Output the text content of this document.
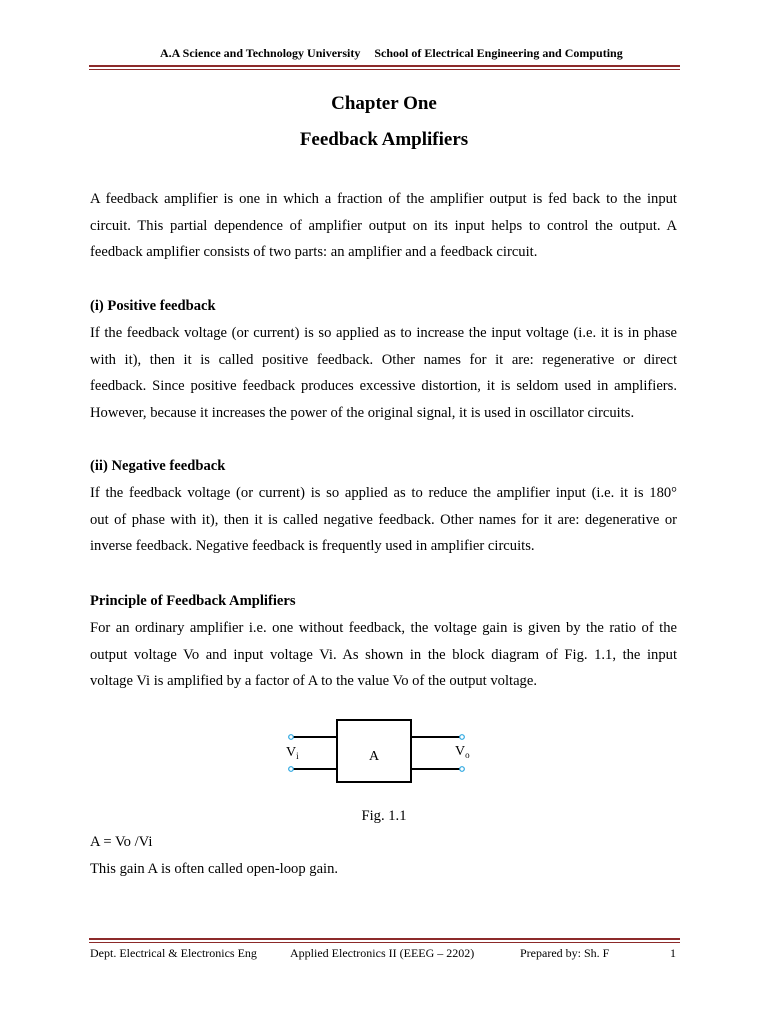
A.A Science and Technology University School of Electrical Engineering and Computing
Chapter One
Feedback Amplifiers
A feedback amplifier is one in which a fraction of the amplifier output is fed back to the input
circuit. This partial dependence of amplifier output on its input helps to control the output. A
feedback amplifier consists of two parts: an amplifier and a feedback circuit.
(i) Positive feedback
If the feedback voltage (or current) is so applied as to increase the input voltage (i.e. it is in phase
with it), then it is called positive feedback. Other names for it are: regenerative or direct
feedback. Since positive feedback produces excessive distortion, it is seldom used in amplifiers.
However, because it increases the power of the original signal, it is used in oscillator circuits.
(ii) Negative feedback
If the feedback voltage (or current) is so applied as to reduce the amplifier input (i.e. it is 180°
out of phase with it), then it is called negative feedback. Other names for it are: degenerative or
inverse feedback. Negative feedback is frequently used in amplifier circuits.
Principle of Feedback Amplifiers
For an ordinary amplifier i.e. one without feedback, the voltage gain is given by the ratio of the
output voltage Vo and input voltage Vi. As shown in the block diagram of Fig. 1.1, the input
voltage Vi is amplified by a factor of A to the value Vo of the output voltage.
$V_i$	A	$V_o$
Fig. 1.1
A = Vo /Vi
This gain A is often called open-loop gain.
Dept. Electrical & Electronics Eng	Applied Electronics II (EEEG – 2202)	Prepared by: Sh. F	1
